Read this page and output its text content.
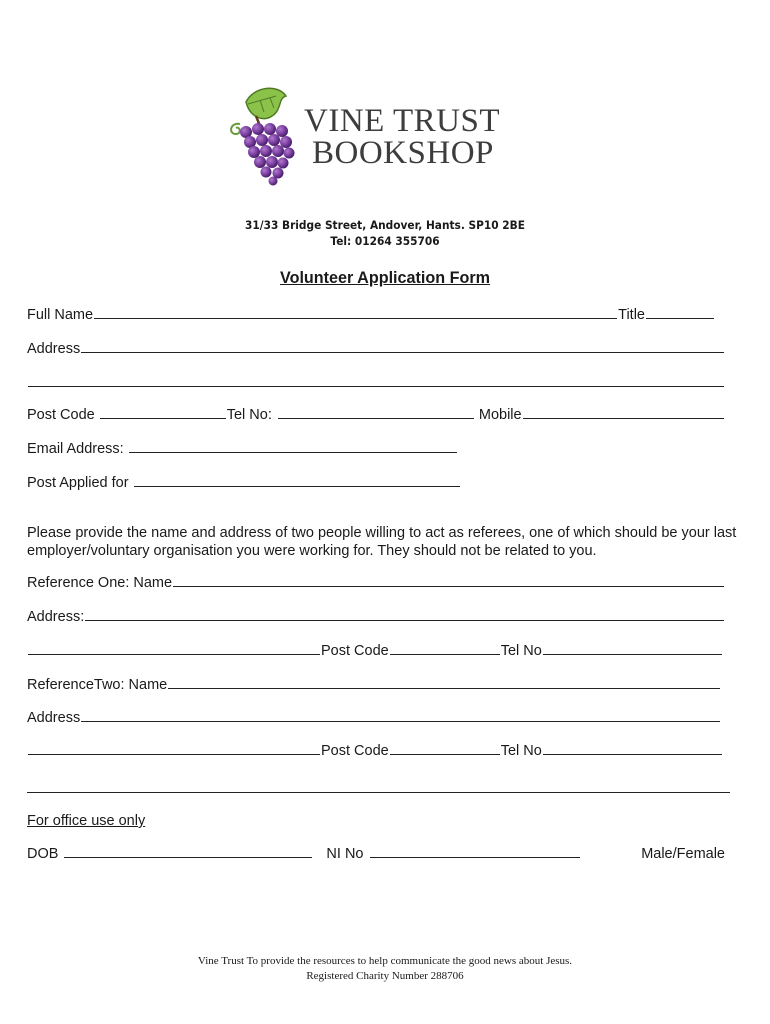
VINE TRUST
BOOKSHOP
31/33 Bridge Street, Andover, Hants. SP10 2BE
Tel: 01264 355706
Volunteer Application Form
Full Name	Title
Address
Post Code	Tel No:	Mobile
Email Address:
Post Applied for
Please provide the name and address of two people willing to act as referees, one of which should be your last employer/voluntary organisation you were working for. They should not be related to you.
Reference One: Name
Address:
Post Code	Tel No
ReferenceTwo: Name
Address
Post Code	Tel No
For office use only
DOB	NI No	Male/Female
Vine Trust To provide the resources to help communicate the good news about Jesus.
Registered Charity Number 288706
